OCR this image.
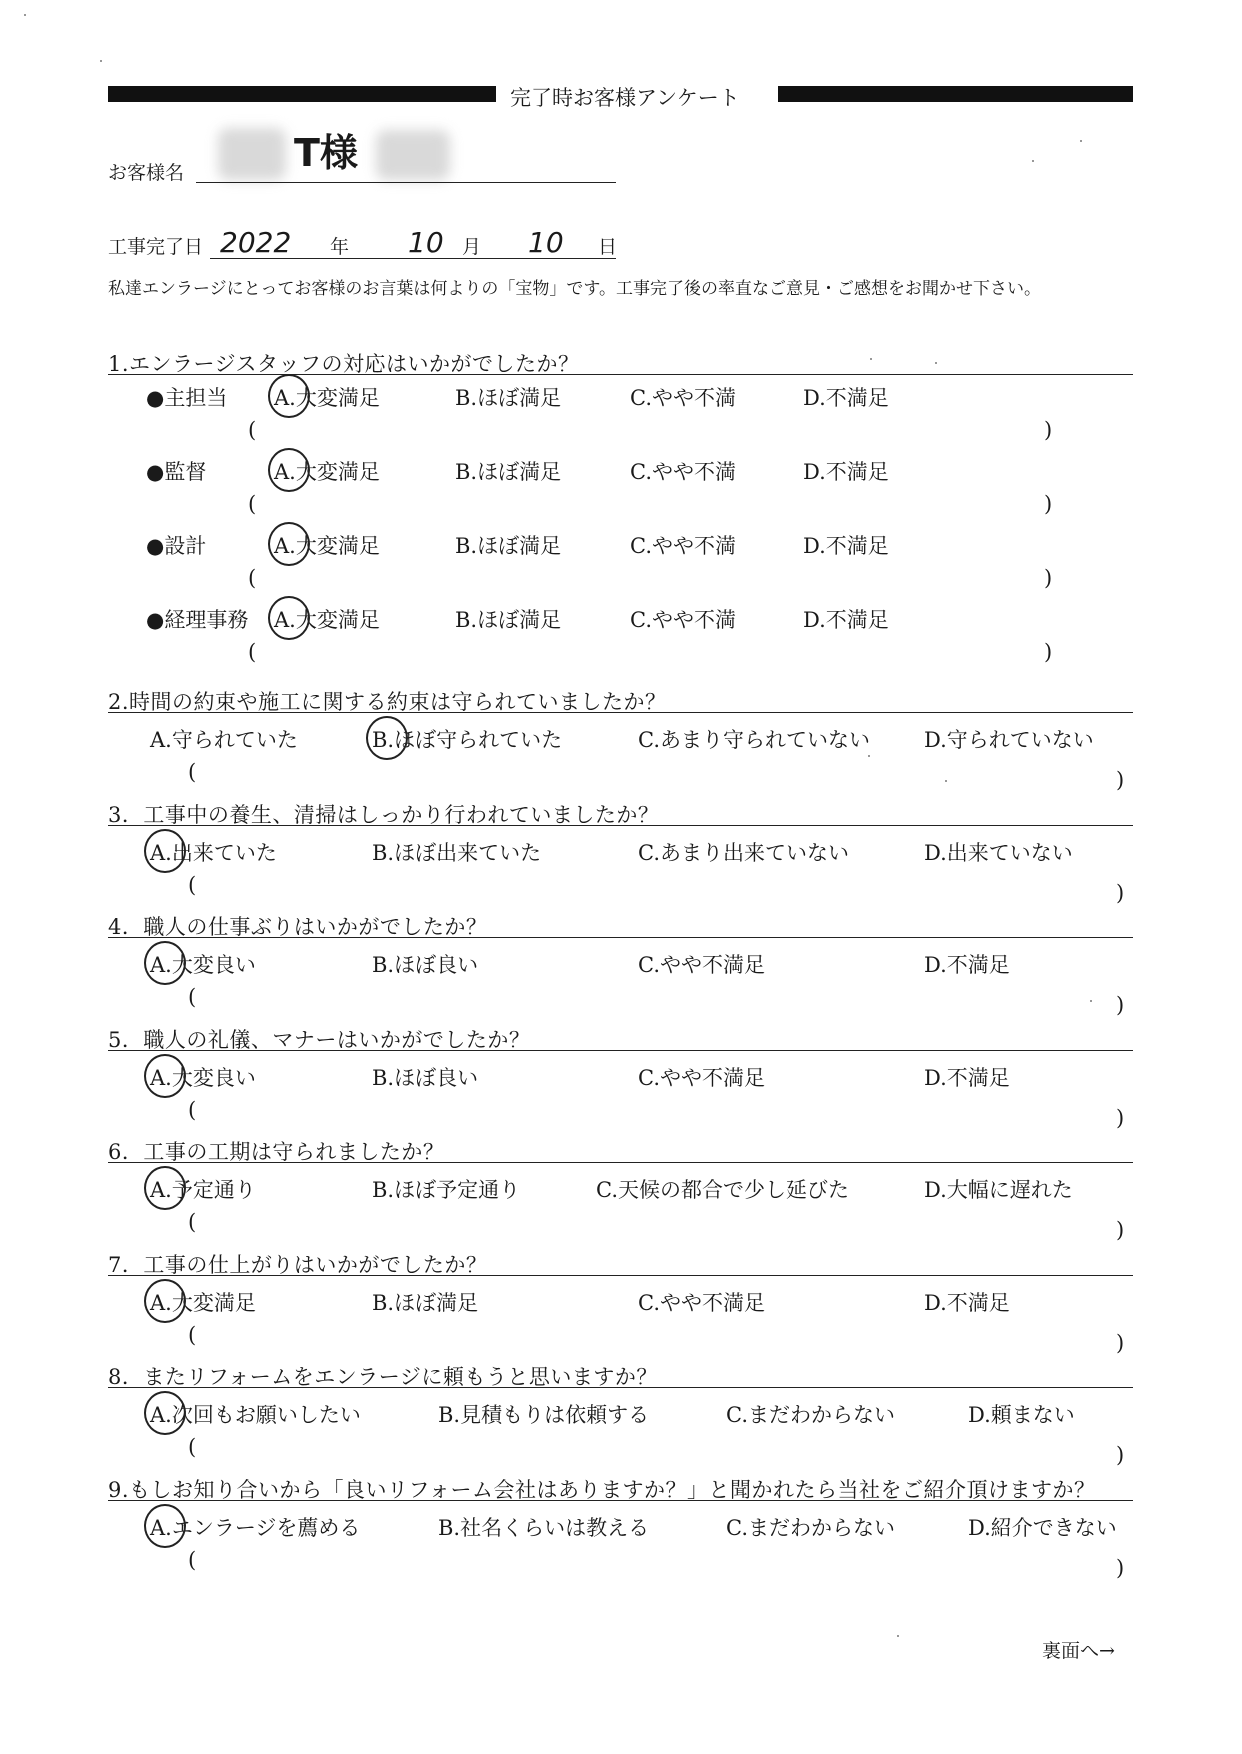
完了時お客様アンケート
お客様名	T様
工事完了日 2022 年 10 月 10 日
私達エンラージにとってお客様のお言葉は何よりの「宝物」です。工事完了後の率直なご意見・ご感想をお聞かせ下さい。
1.エンラージスタッフの対応はいかがでしたか？
●主担当 A.大変満足	B.ほぼ満足	C.やや不満	D.不満足
(	)
●監督	A.大変満足	B.ほぼ満足	C.やや不満	D.不満足
(	)
●設計	A.大変満足	B.ほぼ満足	C.やや不満	D.不満足
(	)
●経理事務 A.大変満足	B.ほぼ満足	C.やや不満	D.不満足
(	)
2.時間の約束や施工に関する約束は守られていましたか？
A.守られていた	B.ほぼ守られていた	C.あまり守られていない	D.守られていない
(	)
3．工事中の養生、清掃はしっかり行われていましたか？
A.出来ていた	B.ほぼ出来ていた	C.あまり出来ていない	D.出来ていない
(	)
4．職人の仕事ぶりはいかがでしたか？
A.大変良い	B.ほぼ良い	C.やや不満足	D.不満足
(	)
5．職人の礼儀、マナーはいかがでしたか？
A.大変良い	B.ほぼ良い	C.やや不満足	D.不満足
(	)
6．工事の工期は守られましたか？
A.予定通り	B.ほぼ予定通り	C.天候の都合で少し延びた	D.大幅に遅れた
(	)
7．工事の仕上がりはいかがでしたか？
A.大変満足	B.ほぼ満足	C.やや不満足	D.不満足
(	)
8．またリフォームをエンラージに頼もうと思いますか？
A.次回もお願いしたい	B.見積もりは依頼する	C.まだわからない	D.頼まない
(	)
9.もしお知り合いから「良いリフォーム会社はありますか？」と聞かれたら当社をご紹介頂けますか？
A.エンラージを薦める	B.社名くらいは教える	C.まだわからない	D.紹介できない
(	)
裏面へ→
